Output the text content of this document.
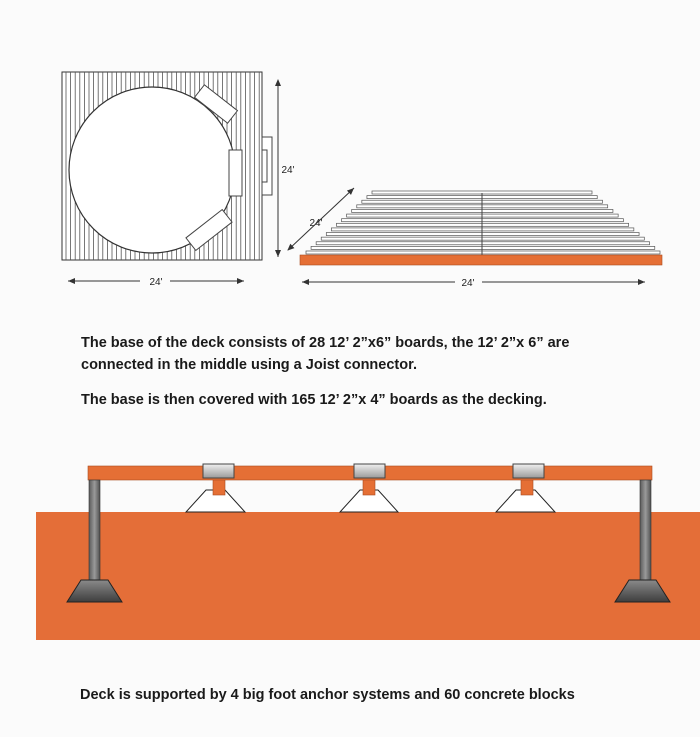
24'
24'
24'
24'
The base of the deck consists of 28 12’ 2”x6” boards, the 12’ 2”x 6” are
connected in the middle using a Joist connector.
The base is then covered with 165 12’ 2”x 4” boards as the decking.
Deck is supported by 4 big foot anchor systems and 60 concrete blocks
